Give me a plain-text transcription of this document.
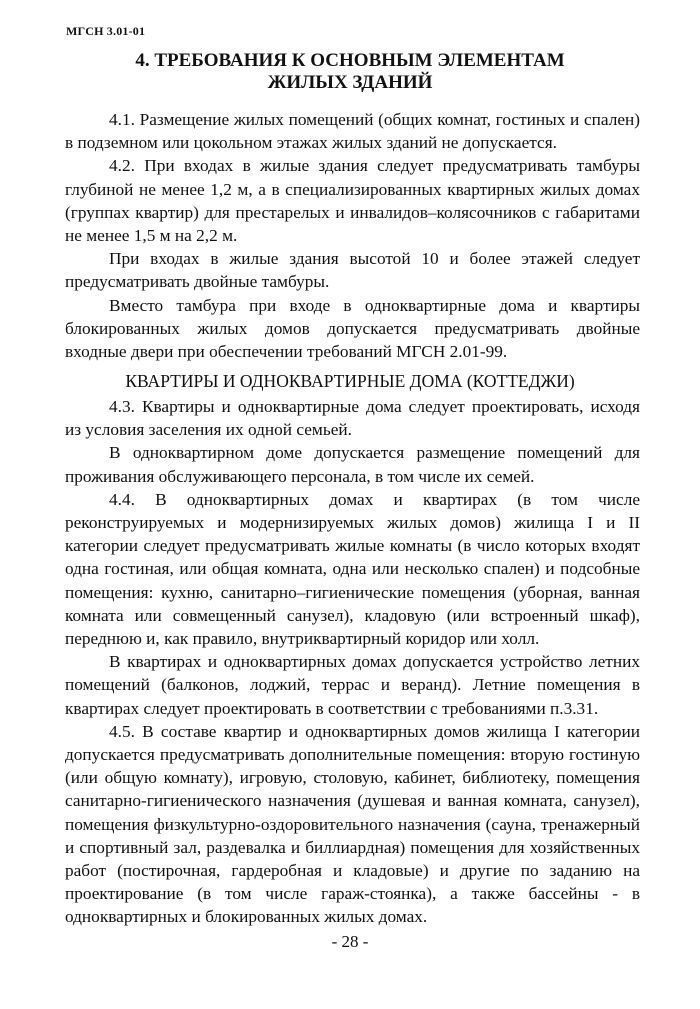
МГСН 3.01-01
4. ТРЕБОВАНИЯ К ОСНОВНЫМ ЭЛЕМЕНТАМ
ЖИЛЫХ ЗДАНИЙ

4.1. Размещение жилых помещений (общих комнат, гостиных и спален) в подземном или цокольном этажах жилых зданий не допускается.

4.2. При входах в жилые здания следует предусматривать тамбуры глубиной не менее 1,2 м, а в специализированных квартирных жилых домах (группах квартир) для престарелых и инвалидов–колясочников с габаритами не менее 1,5 м на 2,2 м.

При входах в жилые здания высотой 10 и более этажей следует предусматривать двойные тамбуры.

Вместо тамбура при входе в одноквартирные дома и квартиры блокированных жилых домов допускается предусматривать двойные входные двери при обеспечении требований МГСН 2.01-99.

КВАРТИРЫ И ОДНОКВАРТИРНЫЕ ДОМА (КОТТЕДЖИ)

4.3. Квартиры и одноквартирные дома следует проектировать, исходя из условия заселения их одной семьей.

В одноквартирном доме допускается размещение помещений для проживания обслуживающего персонала, в том числе их семей.

4.4. В одноквартирных домах и квартирах (в том числе реконструируемых и модернизируемых жилых домов) жилища I и II категории следует предусматривать жилые комнаты (в число которых входят одна гостиная, или общая комната, одна или несколько спален) и подсобные помещения: кухню, санитарно–гигиенические помещения (уборная, ванная комната или совмещенный санузел), кладовую (или встроенный шкаф), переднюю и, как правило, внутриквартирный коридор или холл.

В квартирах и одноквартирных домах допускается устройство летних помещений (балконов, лоджий, террас и веранд). Летние помещения в квартирах следует проектировать в соответствии с требованиями п.3.31.

4.5. В составе квартир и одноквартирных домов жилища I категории допускается предусматривать дополнительные помещения: вторую гостиную (или общую комнату), игровую, столовую, кабинет, библиотеку, помещения санитарно-гигиенического назначения (душевая и ванная комната, санузел), помещения физкультурно-оздоровительного назначения (сауна, тренажерный и спортивный зал, раздевалка и биллиардная) помещения для хозяйственных работ (постирочная, гардеробная и кладовые) и другие по заданию на проектирование (в том числе гараж-стоянка), а также бассейны - в одноквартирных и блокированных жилых домах.

- 28 -
